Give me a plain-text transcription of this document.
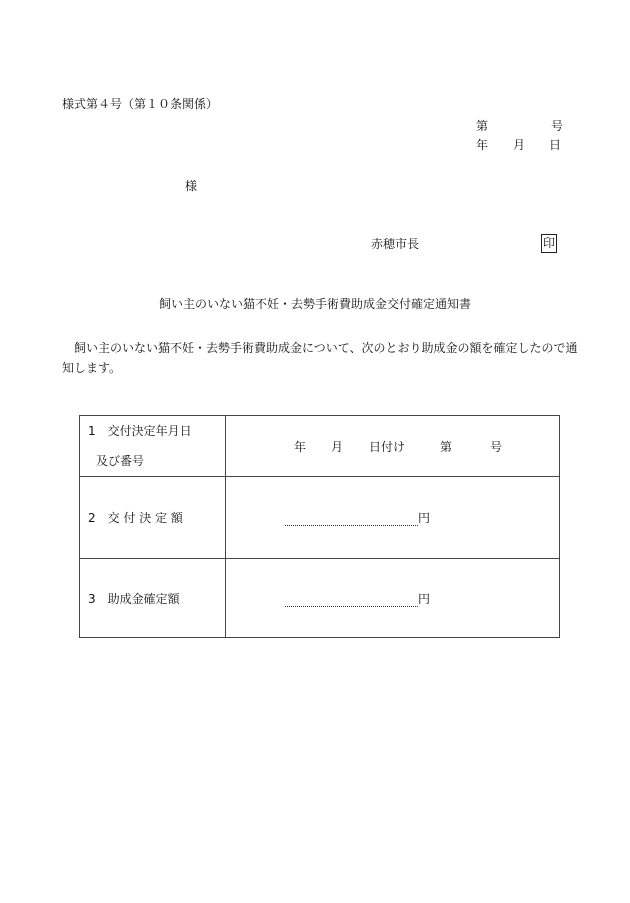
様式第４号（第１０条関係）
第	号
年 月 日
様
赤穂市長	印
飼い主のいない猫不妊・去勢手術費助成金交付確定通知書
飼い主のいない猫不妊・去勢手術費助成金について、次のとおり助成金の額を確定したので通知します。
1　交付決定年月日
及び番号	年 月 日付け 第 号
2　交 付 決 定 額	円
3　助成金確定額	円
